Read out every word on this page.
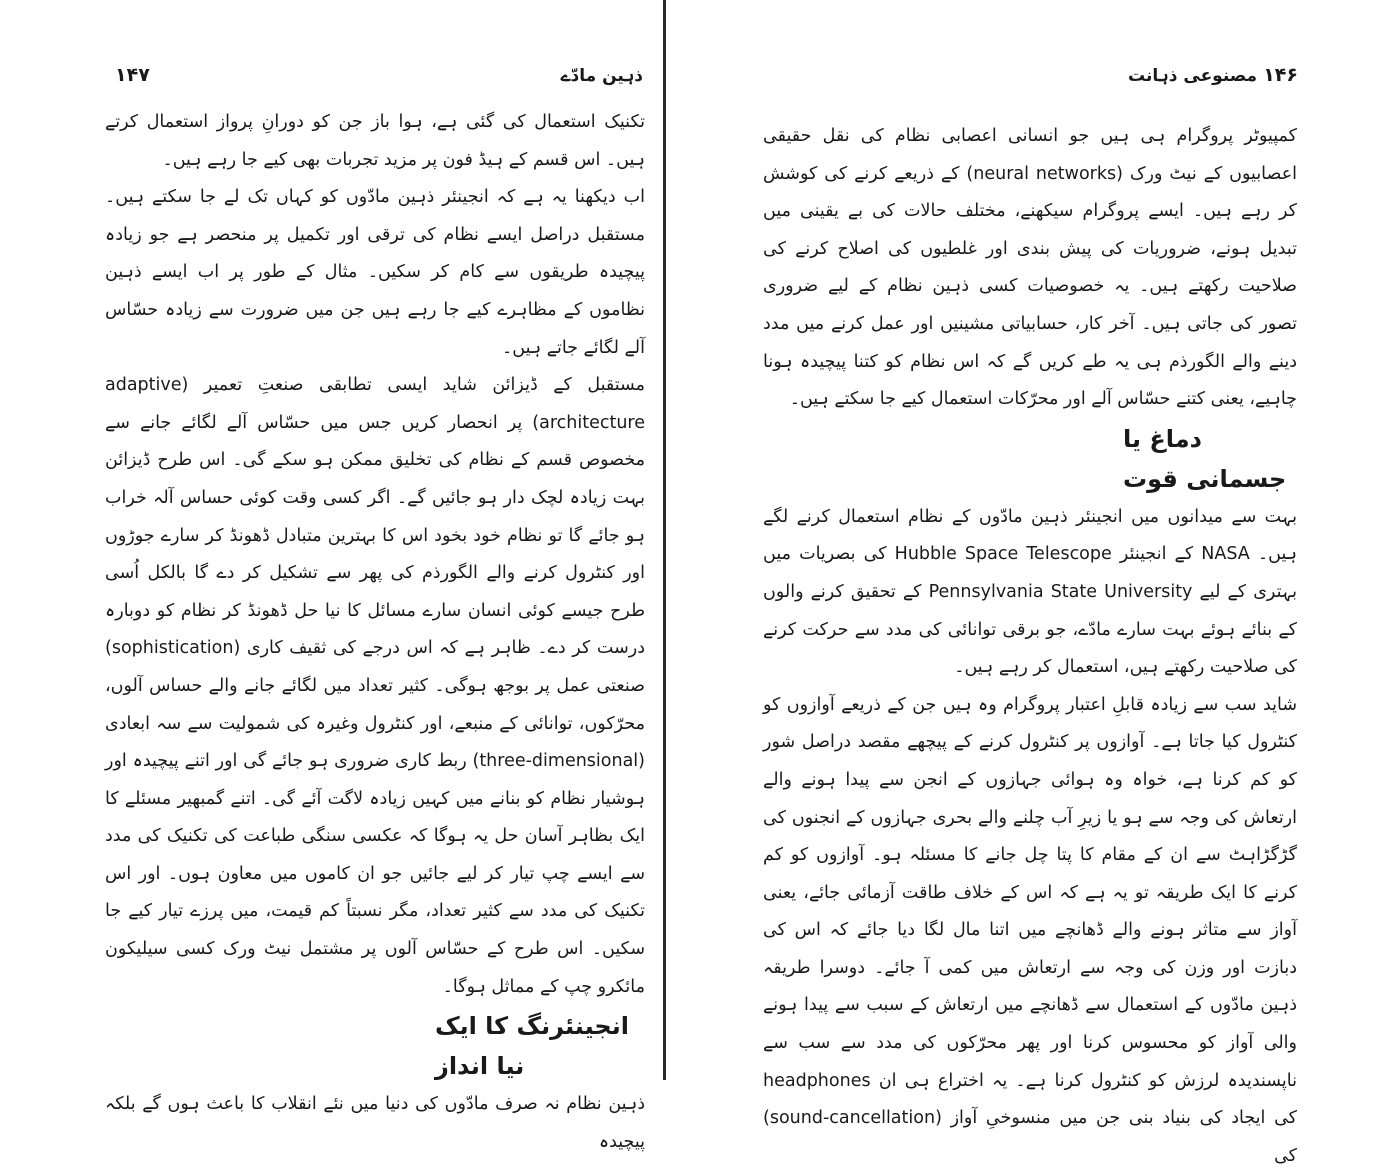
۱۴۷	ذہین مادّے

تکنیک استعمال کی گئی ہے، ہوا باز جن کو دورانِ پرواز استعمال کرتے ہیں۔ اس قسم کے ہیڈ فون پر مزید تجربات بھی کیے جا رہے ہیں۔

اب دیکھنا یہ ہے کہ انجینئر ذہین مادّوں کو کہاں تک لے جا سکتے ہیں۔ مستقبل دراصل ایسے نظام کی ترقی اور تکمیل پر منحصر ہے جو زیادہ پیچیدہ طریقوں سے کام کر سکیں۔ مثال کے طور پر اب ایسے ذہین نظاموں کے مظاہرے کیے جا رہے ہیں جن میں ضرورت سے زیادہ حسّاس آلے لگائے جاتے ہیں۔

مستقبل کے ڈیزائن شاید ایسی تطابقی صنعتِ تعمیر (adaptive architecture) پر انحصار کریں جس میں حسّاس آلے لگائے جانے سے مخصوص قسم کے نظام کی تخلیق ممکن ہو سکے گی۔ اس طرح ڈیزائن بہت زیادہ لچک دار ہو جائیں گے۔ اگر کسی وقت کوئی حساس آلہ خراب ہو جائے گا تو نظام خود بخود اس کا بہترین متبادل ڈھونڈ کر سارے جوڑوں اور کنٹرول کرنے والے الگورذم کی پھر سے تشکیل کر دے گا بالکل اُسی طرح جیسے کوئی انسان سارے مسائل کا نیا حل ڈھونڈ کر نظام کو دوبارہ درست کر دے۔ ظاہر ہے کہ اس درجے کی ثقیف کاری (sophistication) صنعتی عمل پر بوجھ ہوگی۔ کثیر تعداد میں لگائے جانے والے حساس آلوں، محرّکوں، توانائی کے منبعے، اور کنٹرول وغیرہ کی شمولیت سے سہ ابعادی (three-dimensional) ربط کاری ضروری ہو جائے گی اور اتنے پیچیدہ اور ہوشیار نظام کو بنانے میں کہیں زیادہ لاگت آئے گی۔ اتنے گمبھیر مسئلے کا ایک بظاہر آسان حل یہ ہوگا کہ عکسی سنگی طباعت کی تکنیک کی مدد سے ایسے چپ تیار کر لیے جائیں جو ان کاموں میں معاون ہوں۔ اور اس تکنیک کی مدد سے کثیر تعداد، مگر نسبتاً کم قیمت، میں پرزے تیار کیے جا سکیں۔ اس طرح کے حسّاس آلوں پر مشتمل نیٹ ورک کسی سیلیکون مائکرو چپ کے مماثل ہوگا۔

انجینئرنگ کا ایک نیا انداز

ذہین نظام نہ صرف مادّوں کی دنیا میں نئے انقلاب کا باعث ہوں گے بلکہ پیچیدہ

مصنوعی ذہانت ۱۴۶

کمپیوٹر پروگرام ہی ہیں جو انسانی اعصابی نظام کی نقل حقیقی اعصابیوں کے نیٹ ورک (neural networks) کے ذریعے کرنے کی کوشش کر رہے ہیں۔ ایسے پروگرام سیکھنے، مختلف حالات کی بے یقینی میں تبدیل ہونے، ضروریات کی پیش بندی اور غلطیوں کی اصلاح کرنے کی صلاحیت رکھتے ہیں۔ یہ خصوصیات کسی ذہین نظام کے لیے ضروری تصور کی جاتی ہیں۔ آخر کار، حسابیاتی مشینیں اور عمل کرنے میں مدد دینے والے الگورذم ہی یہ طے کریں گے کہ اس نظام کو کتنا پیچیدہ ہونا چاہیے، یعنی کتنے حسّاس آلے اور محرّکات استعمال کیے جا سکتے ہیں۔

دماغ یا جسمانی قوت

بہت سے میدانوں میں انجینئر ذہین مادّوں کے نظام استعمال کرنے لگے ہیں۔ NASA کے انجینئر Hubble Space Telescope کی بصریات میں بہتری کے لیے Pennsylvania State University کے تحقیق کرنے والوں کے بنائے ہوئے بہت سارے مادّے، جو برقی توانائی کی مدد سے حرکت کرنے کی صلاحیت رکھتے ہیں، استعمال کر رہے ہیں۔

شاید سب سے زیادہ قابلِ اعتبار پروگرام وہ ہیں جن کے ذریعے آوازوں کو کنٹرول کیا جاتا ہے۔ آوازوں پر کنٹرول کرنے کے پیچھے مقصد دراصل شور کو کم کرنا ہے، خواہ وہ ہوائی جہازوں کے انجن سے پیدا ہونے والے ارتعاش کی وجہ سے ہو یا زیرِ آب چلنے والے بحری جہازوں کے انجنوں کی گڑگڑاہٹ سے ان کے مقام کا پتا چل جانے کا مسئلہ ہو۔ آوازوں کو کم کرنے کا ایک طریقہ تو یہ ہے کہ اس کے خلاف طاقت آزمائی جائے، یعنی آواز سے متاثر ہونے والے ڈھانچے میں اتنا مال لگا دیا جائے کہ اس کی دبازت اور وزن کی وجہ سے ارتعاش میں کمی آ جائے۔ دوسرا طریقہ ذہین مادّوں کے استعمال سے ڈھانچے میں ارتعاش کے سبب سے پیدا ہونے والی آواز کو محسوس کرنا اور پھر محرّکوں کی مدد سے سب سے ناپسندیدہ لرزش کو کنٹرول کرنا ہے۔ یہ اختراع ہی ان headphones کی ایجاد کی بنیاد بنی جن میں منسوخیِ آواز (sound-cancellation) کی
